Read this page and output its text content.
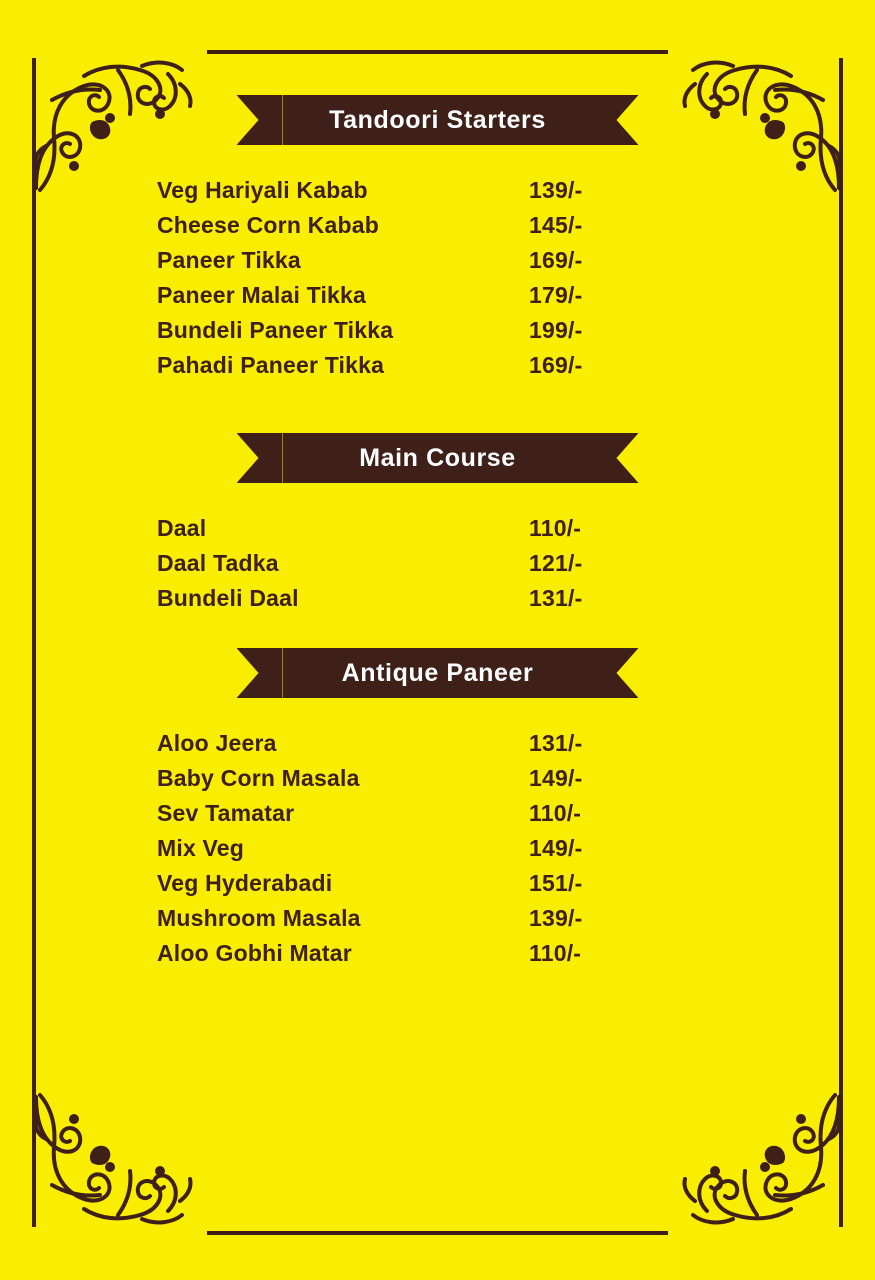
Tandoori Starters
Veg Hariyali Kabab	139/-
Cheese Corn Kabab	145/-
Paneer Tikka	169/-
Paneer Malai Tikka	179/-
Bundeli Paneer Tikka	199/-
Pahadi Paneer Tikka	169/-
Main Course
Daal	110/-
Daal Tadka	121/-
Bundeli Daal	131/-
Antique Paneer
Aloo Jeera	131/-
Baby Corn Masala	149/-
Sev Tamatar	110/-
Mix Veg	149/-
Veg Hyderabadi	151/-
Mushroom Masala	139/-
Aloo Gobhi Matar	110/-
